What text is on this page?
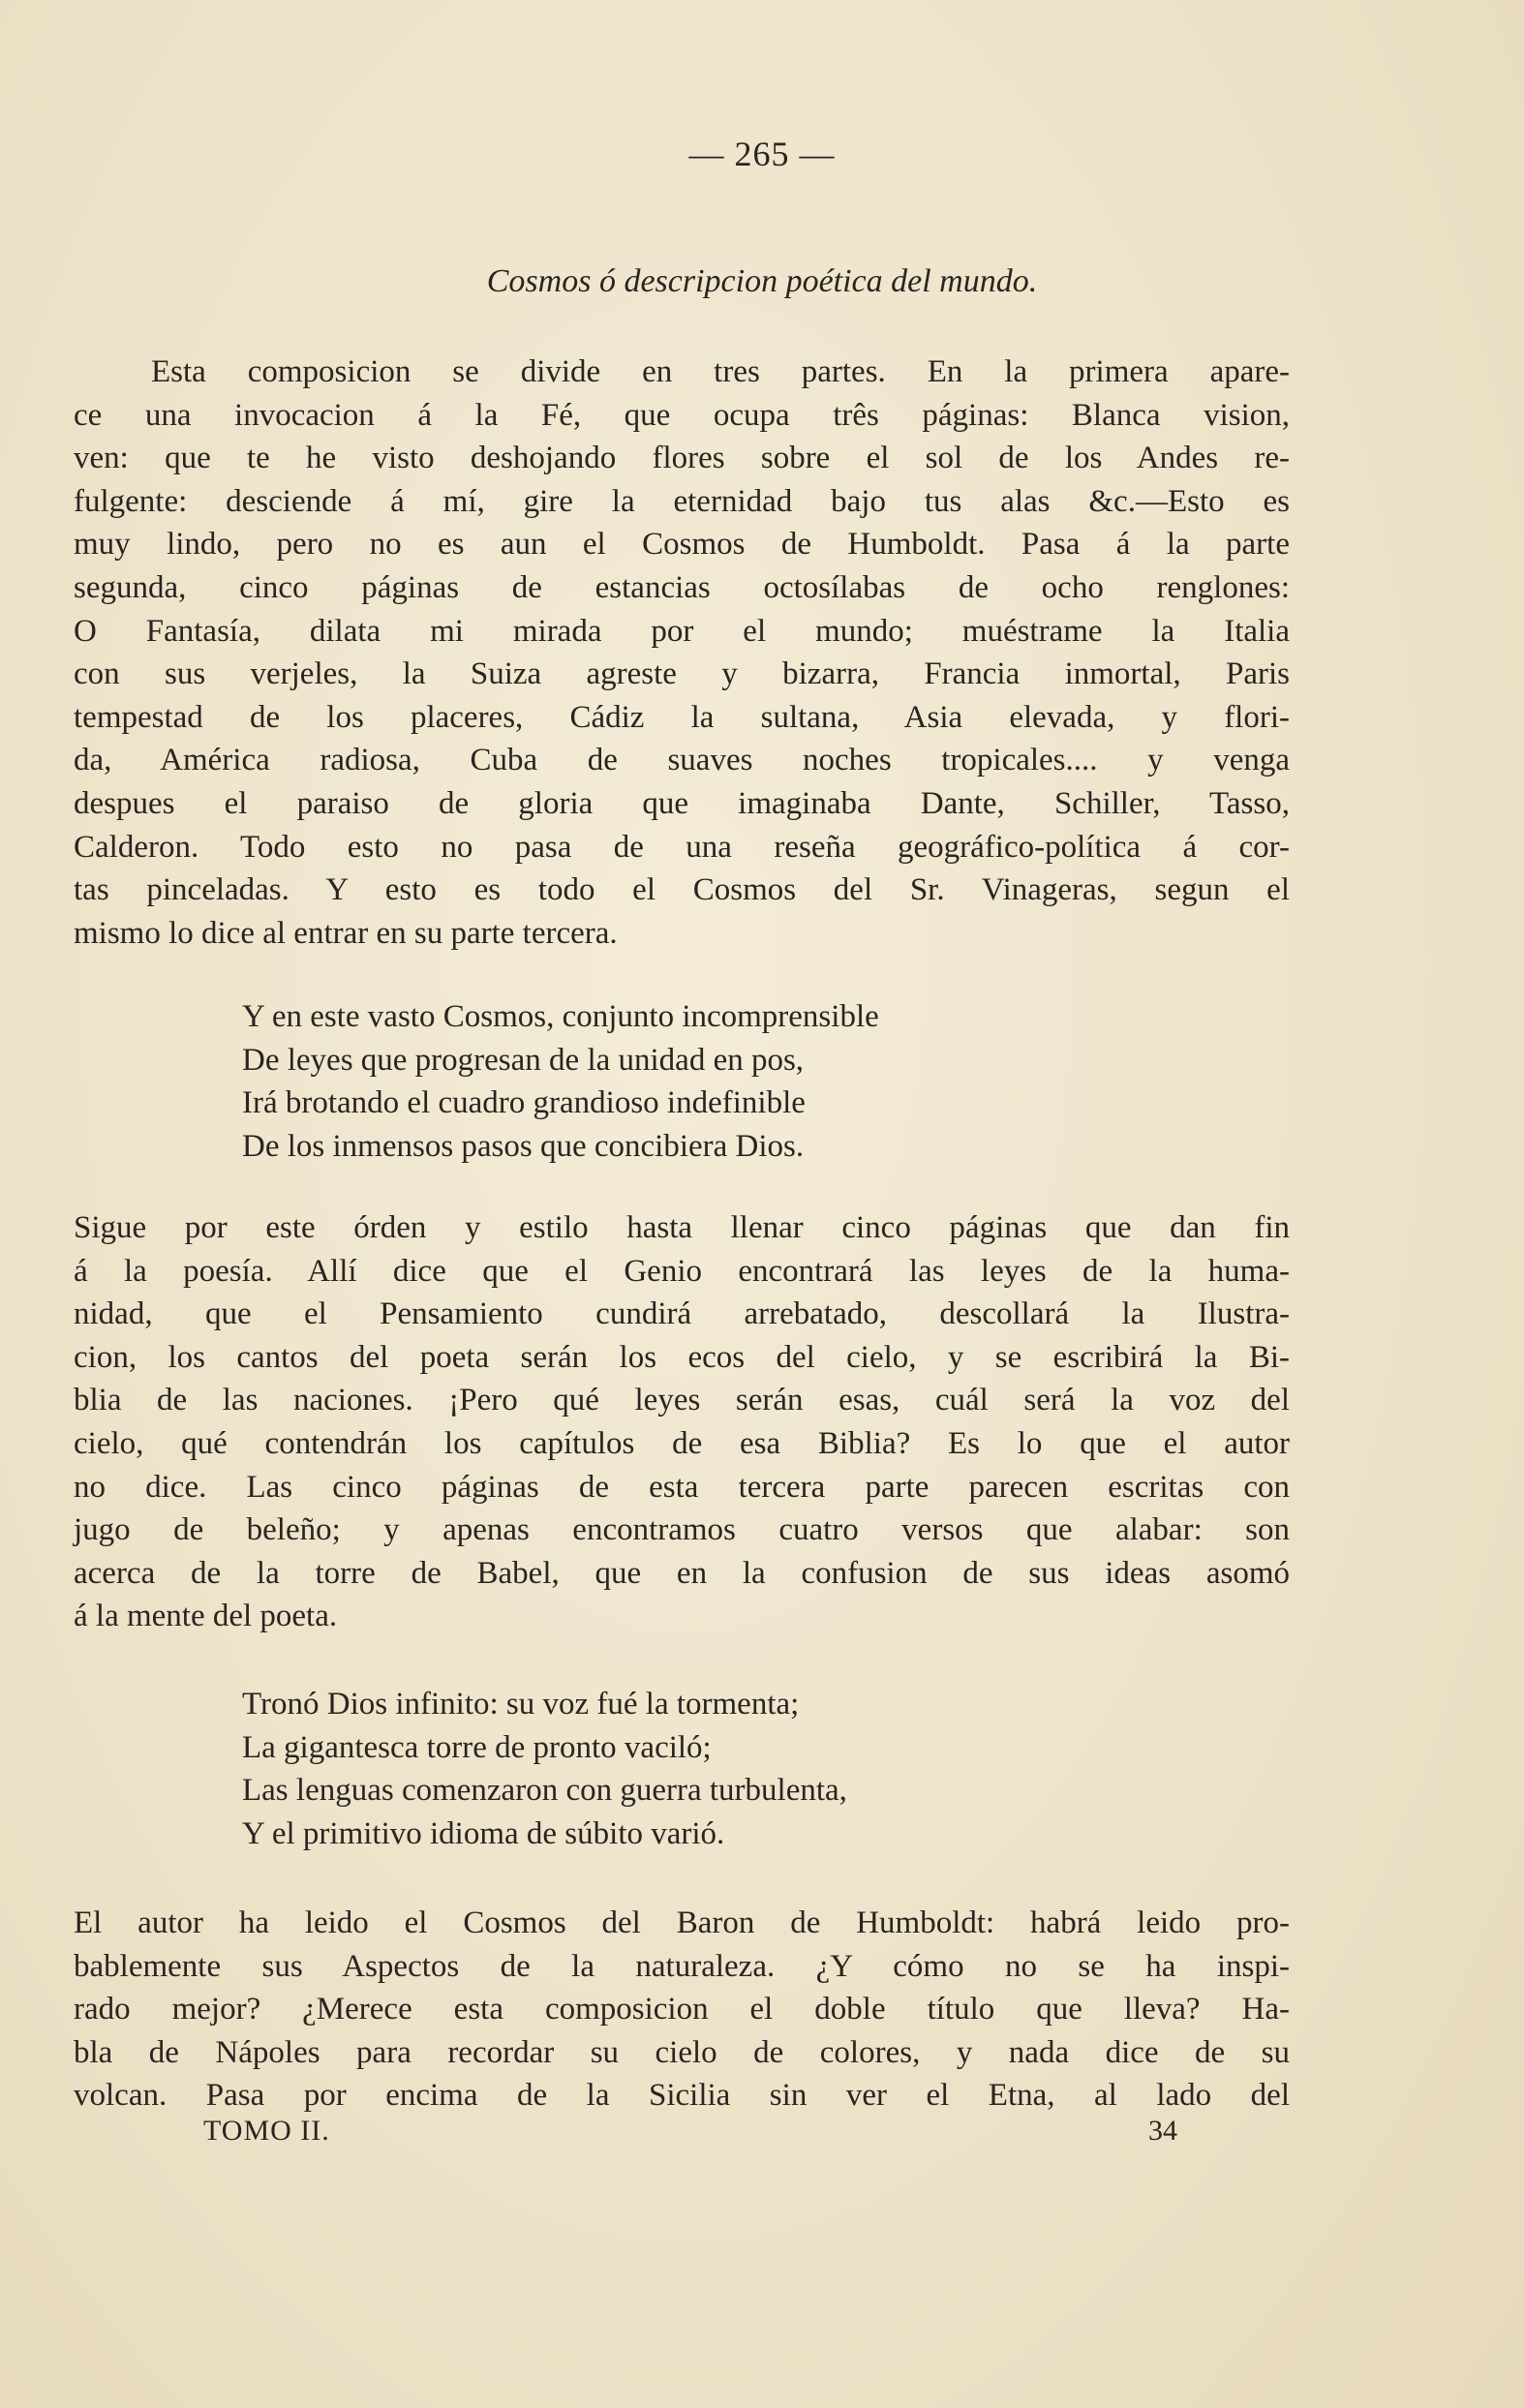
— 265 —
Cosmos ó descripcion poética del mundo.
Esta composicion se divide en tres partes. En la primera apare-
ce una invocacion á la Fé, que ocupa três páginas: Blanca vision,
ven: que te he visto deshojando flores sobre el sol de los Andes re-
fulgente: desciende á mí, gire la eternidad bajo tus alas &c.—Esto es
muy lindo, pero no es aun el Cosmos de Humboldt. Pasa á la parte
segunda, cinco páginas de estancias octosílabas de ocho renglones:
O Fantasía, dilata mi mirada por el mundo; muéstrame la Italia
con sus verjeles, la Suiza agreste y bizarra, Francia inmortal, Paris
tempestad de los placeres, Cádiz la sultana, Asia elevada, y flori-
da, América radiosa, Cuba de suaves noches tropicales.... y venga
despues el paraiso de gloria que imaginaba Dante, Schiller, Tasso,
Calderon. Todo esto no pasa de una reseña geográfico-política á cor-
tas pinceladas. Y esto es todo el Cosmos del Sr. Vinageras, segun el
mismo lo dice al entrar en su parte tercera.
Y en este vasto Cosmos, conjunto incomprensible
De leyes que progresan de la unidad en pos,
Irá brotando el cuadro grandioso indefinible
De los inmensos pasos que concibiera Dios.
Sigue por este órden y estilo hasta llenar cinco páginas que dan fin
á la poesía. Allí dice que el Genio encontrará las leyes de la huma-
nidad, que el Pensamiento cundirá arrebatado, descollará la Ilustra-
cion, los cantos del poeta serán los ecos del cielo, y se escribirá la Bi-
blia de las naciones. ¡Pero qué leyes serán esas, cuál será la voz del
cielo, qué contendrán los capítulos de esa Biblia? Es lo que el autor
no dice. Las cinco páginas de esta tercera parte parecen escritas con
jugo de beleño; y apenas encontramos cuatro versos que alabar: son
acerca de la torre de Babel, que en la confusion de sus ideas asomó
á la mente del poeta.
Tronó Dios infinito: su voz fué la tormenta;
La gigantesca torre de pronto vaciló;
Las lenguas comenzaron con guerra turbulenta,
Y el primitivo idioma de súbito varió.
El autor ha leido el Cosmos del Baron de Humboldt: habrá leido pro-
bablemente sus Aspectos de la naturaleza. ¿Y cómo no se ha inspi-
rado mejor? ¿Merece esta composicion el doble título que lleva? Ha-
bla de Nápoles para recordar su cielo de colores, y nada dice de su
volcan. Pasa por encima de la Sicilia sin ver el Etna, al lado del
TOMO II.	34
